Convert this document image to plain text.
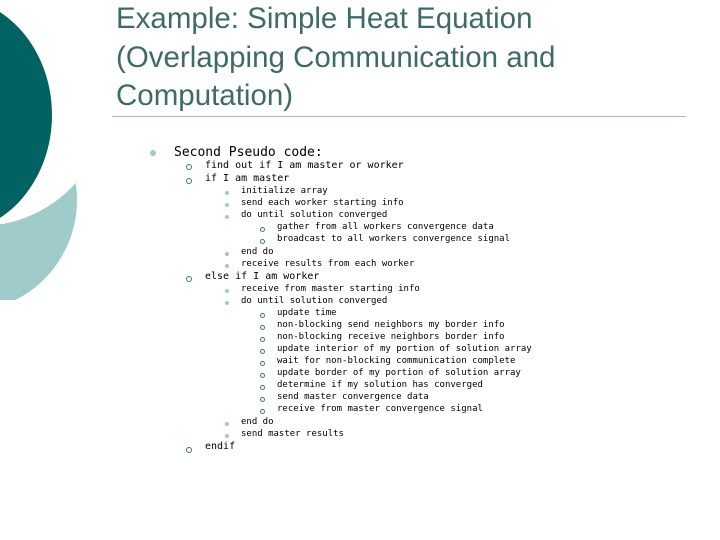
Example: Simple Heat Equation
(Overlapping Communication and
Computation)
Second Pseudo code:
find out if I am master or worker
if I am master
initialize array
send each worker starting info
do until solution converged
gather from all workers convergence data
broadcast to all workers convergence signal
end do
receive results from each worker
else if I am worker
receive from master starting info
do until solution converged
update time
non-blocking send neighbors my border info
non-blocking receive neighbors border info
update interior of my portion of solution array
wait for non-blocking communication complete
update border of my portion of solution array
determine if my solution has converged
send master convergence data
receive from master convergence signal
end do
send master results
endif
